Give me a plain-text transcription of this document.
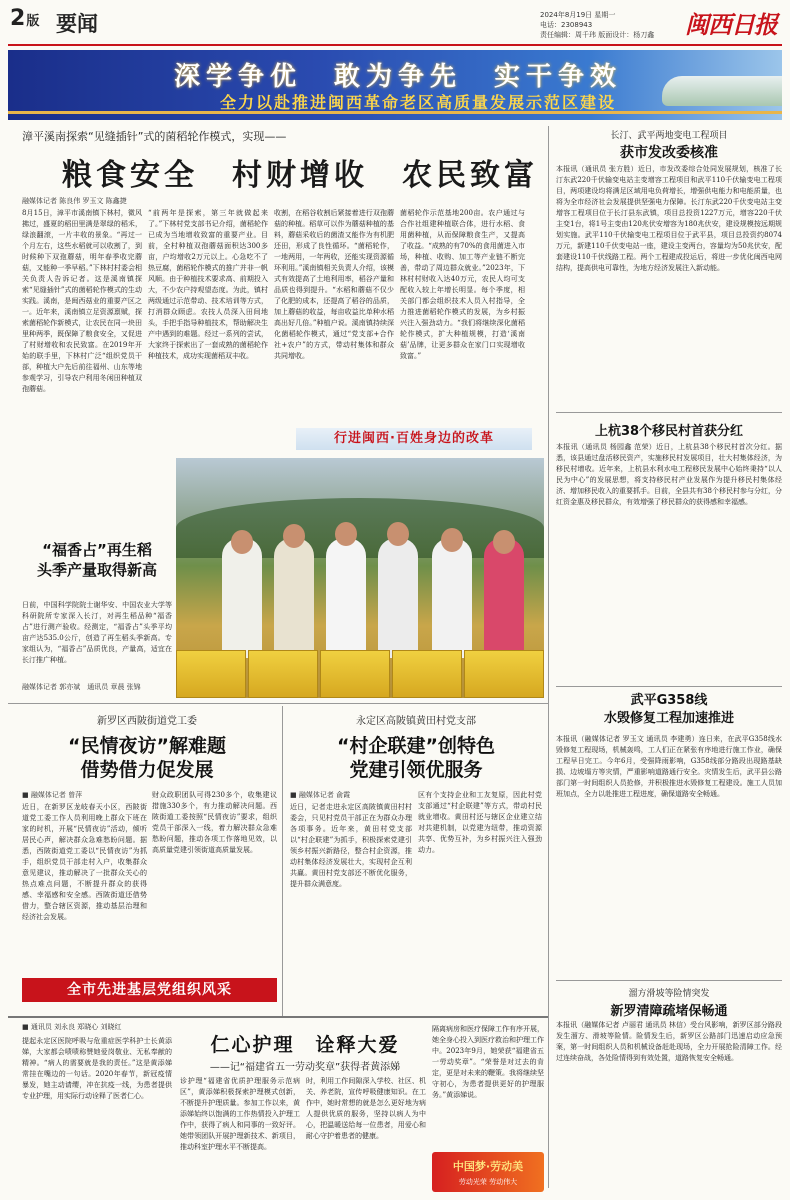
2版 要闻	2024年8月19日 星期一
电话：2308943
责任编辑：周千玮 版面设计：杨刀鑫	闽西日报
深学争优　敢为争先　实干争效
全力以赴推进闽西革命老区高质量发展示范区建设
漳平溪南探索“见缝插针”式的菌稻轮作模式，实现——
粮食安全　村财增收　农民致富
融媒体记者 陈良伟 罗玉文 陈鑫捷
8月15日，漳平市溪南镇下林村，微风拂过，盛夏的稻田里满是翠绿的稻禾，绿浪翻滚，一片丰收的景象。“再过一个月左右，这些水稻就可以收割了，到时候种下双孢蘑菇，明年春季收完蘑菇，又能种一季早稻。”下林村村委会相关负责人告诉记者。这是溪南镇探索“见缝插针”式的菌稻轮作模式的生动实践。溪南，是闽西菇业的重要产区之一。近年来，溪南镇立足资源禀赋，探索菌稻轮作新模式，让农民在同一块田里种两季，既保障了粮食安全，又促进了村财增收和农民致富。在2019年开始的联手里，下林村广泛“组织党员干部，种植大户先后前往福州、山东等地参观学习，引导农户利用冬闲田种植双孢蘑菇。
“前两年是探索，第三年就做起来了。”下林村党支部书记介绍，菌稻轮作已成为当地增收致富的重要产业。目前，全村种植双孢蘑菇面积达300多亩，户均增收2万元以上。心急吃不了热豆腐，菌稻轮作模式的推广并非一帆风顺。由于种植技术要求高、前期投入大，不少农户持观望态度。为此，镇村两级通过示范带动、技术培训等方式，打消群众顾虑。农技人员深入田间地头，手把手指导种植技术，帮助解决生产中遇到的难题。经过一系列的尝试，大家终于探索出了一套成熟的菌稻轮作种植技术，成功实现菌稻双丰收。
收割，在稻谷收割后紧接着进行双孢蘑菇的种植。稻草可以作为蘑菇种植的基料，蘑菇采收后的菌渣又能作为有机肥还田，形成了良性循环。“菌稻轮作，一地两用，一年两收，还能实现资源循环利用。”溪南镇相关负责人介绍，该模式有效提高了土地利用率，稻谷产量和品质也得到提升。“水稻和蘑菇不仅少了化肥的成本，还提高了稻谷的品质，加上蘑菇的收益，每亩收益比单种水稻高出好几倍。”种植户说。溪南镇持续深化菌稻轮作模式，通过“党支部+合作社+农户”的方式，带动村集体和群众共同增收。
菌稻轮作示范基地200亩。农户通过与合作社组建种植联合体，进行水稻、食用菌种植，从而保障粮食生产，又提高了收益。“成熟的有70%的食用菌进入市场，种植、收购、加工等产业链不断完善，带动了周边群众就业。”2023年，下林村村财收入达40万元，农民人均可支配收入较上年增长明显。每个季度，相关部门都会组织技术人员入村指导，全力推进菌稻轮作模式的发展，为乡村振兴注入强劲动力。“我们将继续深化菌稻轮作模式，扩大种植规模，打造‘溪南菇’品牌，让更多群众在家门口实现增收致富。”
行进闽西·百姓身边的改革
“福香占”再生稻
头季产量取得新高
日前，中国科学院院士谢华安、中国农业大学等科研院所专家深入长汀，对再生稻品种“福香占”进行测产验收。经测定，“福香占”头季平均亩产达535.0公斤，创造了再生稻头季新高。专家组认为，“福香占”品质优良，产量高，适宜在长汀推广种植。
融媒体记者 郭亦斌　通讯员 章晨 张锦
长汀、武平两地变电工程项目
获市发改委核准
本报讯（通讯员 张方胜）近日，市发改委综合处同发展规划，核准了长汀东武220千伏输变电站主变增容工程项目和武平110千伏输变电工程项目，两项建设均将满足区域用电负荷增长，增强供电能力和电能质量，也将为全市经济社会发展提供坚强电力保障。长汀东武220千伏变电站主变增容工程项目位于长汀县东武镇，项目总投资1227万元，增容220千伏主变1台，将1号主变由120兆伏安增容为180兆伏安，建设规模按远期规划实施。武平110千伏输变电工程项目位于武平县，项目总投资约8074万元，新建110千伏变电站一座，建设主变两台，容量均为50兆伏安，配套建设110千伏线路工程。两个工程建成投运后，将进一步优化闽西电网结构，提高供电可靠性，为地方经济发展注入新动能。
上杭38个移民村首获分红
本报讯（通讯员 杨园鑫 范荣）近日，上杭县38个移民村首次分红。据悉，该县通过盘活移民资产，实施移民村发展项目，壮大村集体经济，为移民村增收。近年来，上杭县水利水电工程移民发展中心始终秉持“以人民为中心”的发展思想，将支持移民村产业发展作为提升移民村集体经济、增加移民收入的重要抓手。目前，全县共有38个移民村参与分红，分红资金惠及移民群众，有效增强了移民群众的获得感和幸福感。
武平G358线
水毁修复工程加速推进
本报讯（融媒体记者 罗玉文 通讯员 李建勇）连日来，在武平G358线水毁修复工程现场，机械轰鸣，工人们正在紧张有序地进行施工作业，确保工程早日完工。今年6月，受强降雨影响，G358线部分路段出现路基缺损、边坡塌方等灾情，严重影响道路通行安全。灾情发生后，武平县公路部门第一时间组织人员抢修，并积极推进水毁修复工程建设。施工人员加班加点，全力以赴推进工程进度，确保道路安全畅通。
溜方滑坡等险情突发
新罗清障疏堵保畅通
本报讯（融媒体记者 卢丽君 通讯员 林信）受台风影响，新罗区部分路段发生溜方、滑坡等险情。险情发生后，新罗区公路部门迅速启动应急预案，第一时间组织人员和机械设备赶赴现场，全力开展抢险清障工作。经过连续奋战，各处险情得到有效处置，道路恢复安全畅通。
新罗区西陂街道党工委
“民情夜访”解难题
借势借力促发展
■ 融媒体记者 曾萍
近日，在新罗区龙岐春天小区，西陂街道党工委工作人员利用晚上群众下班在家的时机，开展“民情夜访”活动，倾听居民心声，解决群众急难愁盼问题。据悉，西陂街道党工委以“民情夜访”为抓手，组织党员干部走村入户，收集群众意见建议，推动解决了一批群众关心的热点难点问题，不断提升群众的获得感、幸福感和安全感。西陂街道还借势借力，整合辖区资源，推动基层治理和经济社会发展。
财众政职团队可得230多个，收集建议措施330多个，有力推动解决问题。西陂街道工委按照“民情夜访”要求，组织党员干部深入一线，着力解决群众急难愁盼问题，推动各项工作落地见效，以高质量党建引领街道高质量发展。
全市先进基层党组织风采
永定区高陂镇黄田村党支部
“村企联建”创特色
党建引领优服务
■ 融媒体记者 俞霞
近日，记者走进永定区高陂镇黄田村村委会，只见村党员干部正在为群众办理各项事务。近年来，黄田村党支部以“村企联建”为抓手，积极探索党建引领乡村振兴新路径，整合村企资源，推动村集体经济发展壮大，实现村企互利共赢。黄田村党支部还不断优化服务，提升群众满意度。
区有个支持企业和工友复原，因此村党支部通过“村企联建”等方式，带动村民就业增收。黄田村还与辖区企业建立结对共建机制，以党建为纽带，推动资源共享、优势互补，为乡村振兴注入强劲动力。
■ 通讯员 刘永良 郑晓心 刘晓红
仁心护理　诠释大爱
——记“福建省五一劳动奖章”获得者黄添娣
提起永定区医院呼吸与危重症医学科护士长黄添娣，大家都会啧啧称赞她爱岗敬业、无私奉献的精神。“病人的需要就是我的责任。”这是黄添娣常挂在嘴边的一句话。2020年春节，新冠疫情暴发，她主动请缨，冲在抗疫一线，为患者提供专业护理，用实际行动诠释了医者仁心。
诊护理“福建省优质护理服务示范病区”，黄添娣积极探索护理模式创新，不断提升护理质量。参加工作以来，黄添娣始终以饱满的工作热情投入护理工作中，获得了病人和同事的一致好评。她带领团队开展护理新技术、新项目，推动科室护理水平不断提高。
时，利用工作间隙深入学校、社区、机关、养老院，宣传呼吸健康知识。在工作中，她时常想的就是怎么更好地为病人提供优质的服务，坚持以病人为中心，把温暖送给每一位患者，用爱心和耐心守护着患者的健康。
隔离病房和医疗保障工作有序开展，她全身心投入到医疗救治和护理工作中。2023年9月，她荣获“福建省五一劳动奖章”。“荣誉是对过去的肯定，更是对未来的鞭策。我将继续坚守初心，为患者提供更好的护理服务。”黄添娣说。
中国梦·劳动美
劳动光荣 劳动伟大
